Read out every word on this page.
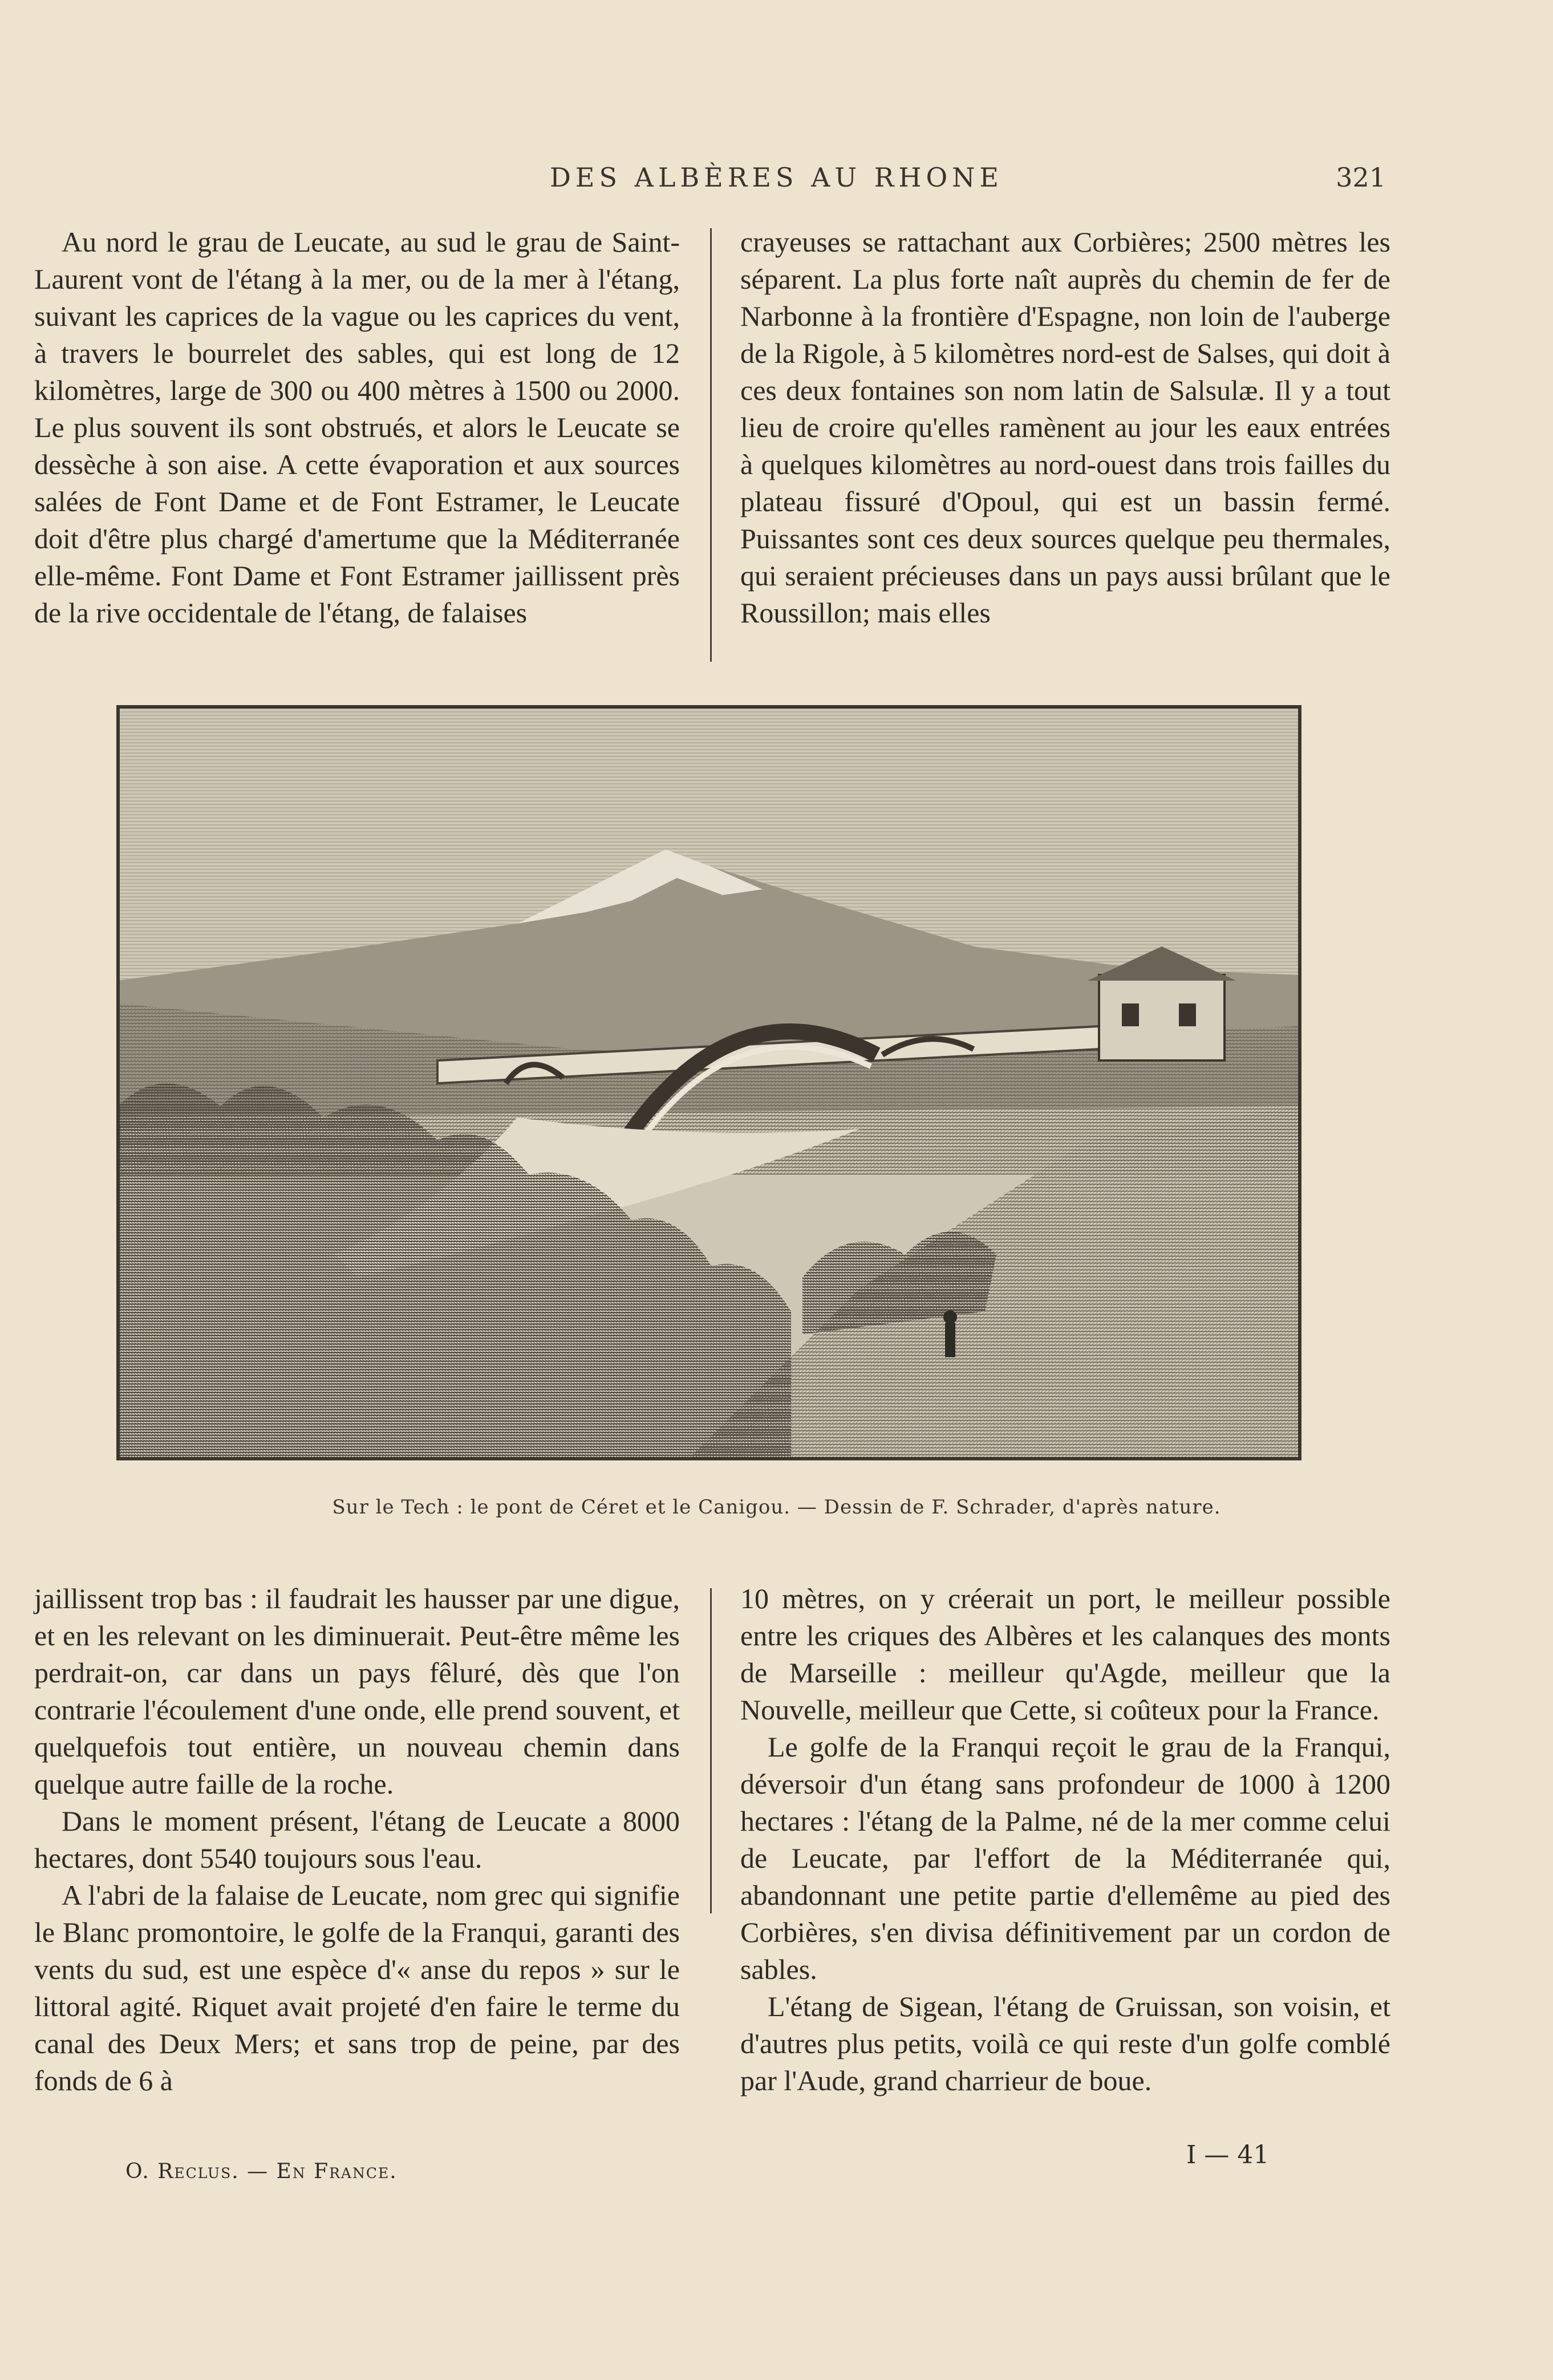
DES ALBÈRES AU RHONE	321

Au nord le grau de Leucate, au sud le grau de Saint-Laurent vont de l'étang à la mer, ou de la mer à l'étang, suivant les caprices de la vague ou les caprices du vent, à travers le bourrelet des sables, qui est long de 12 kilomètres, large de 300 ou 400 mètres à 1500 ou 2000. Le plus souvent ils sont obstrués, et alors le Leucate se dessèche à son aise. A cette évaporation et aux sources salées de Font Dame et de Font Estramer, le Leucate doit d'être plus chargé d'amertume que la Méditerranée elle-même. Font Dame et Font Estramer jaillissent près de la rive occidentale de l'étang, de falaises

crayeuses se rattachant aux Corbières; 2500 mètres les séparent. La plus forte naît auprès du chemin de fer de Narbonne à la frontière d'Espagne, non loin de l'auberge de la Rigole, à 5 kilomètres nord-est de Salses, qui doit à ces deux fontaines son nom latin de Salsulæ. Il y a tout lieu de croire qu'elles ramènent au jour les eaux entrées à quelques kilomètres au nord-ouest dans trois failles du plateau fissuré d'Opoul, qui est un bassin fermé. Puissantes sont ces deux sources quelque peu thermales, qui seraient précieuses dans un pays aussi brûlant que le Roussillon; mais elles

Sur le Tech : le pont de Céret et le Canigou. — Dessin de F. Schrader, d'après nature.

jaillissent trop bas : il faudrait les hausser par une digue, et en les relevant on les diminuerait. Peut-être même les perdrait-on, car dans un pays fêluré, dès que l'on contrarie l'écoulement d'une onde, elle prend souvent, et quelquefois tout entière, un nouveau chemin dans quelque autre faille de la roche.

Dans le moment présent, l'étang de Leucate a 8000 hectares, dont 5540 toujours sous l'eau.

A l'abri de la falaise de Leucate, nom grec qui signifie le Blanc promontoire, le golfe de la Franqui, garanti des vents du sud, est une espèce d'« anse du repos » sur le littoral agité. Riquet avait projeté d'en faire le terme du canal des Deux Mers; et sans trop de peine, par des fonds de 6 à

10 mètres, on y créerait un port, le meilleur possible entre les criques des Albères et les calanques des monts de Marseille : meilleur qu'Agde, meilleur que la Nouvelle, meilleur que Cette, si coûteux pour la France.

Le golfe de la Franqui reçoit le grau de la Franqui, déversoir d'un étang sans profondeur de 1000 à 1200 hectares : l'étang de la Palme, né de la mer comme celui de Leucate, par l'effort de la Méditerranée qui, abandonnant une petite partie d'ellemême au pied des Corbières, s'en divisa définitivement par un cordon de sables.

L'étang de Sigean, l'étang de Gruissan, son voisin, et d'autres plus petits, voilà ce qui reste d'un golfe comblé par l'Aude, grand charrieur de boue.

O. Reclus. — En France.
I — 41
